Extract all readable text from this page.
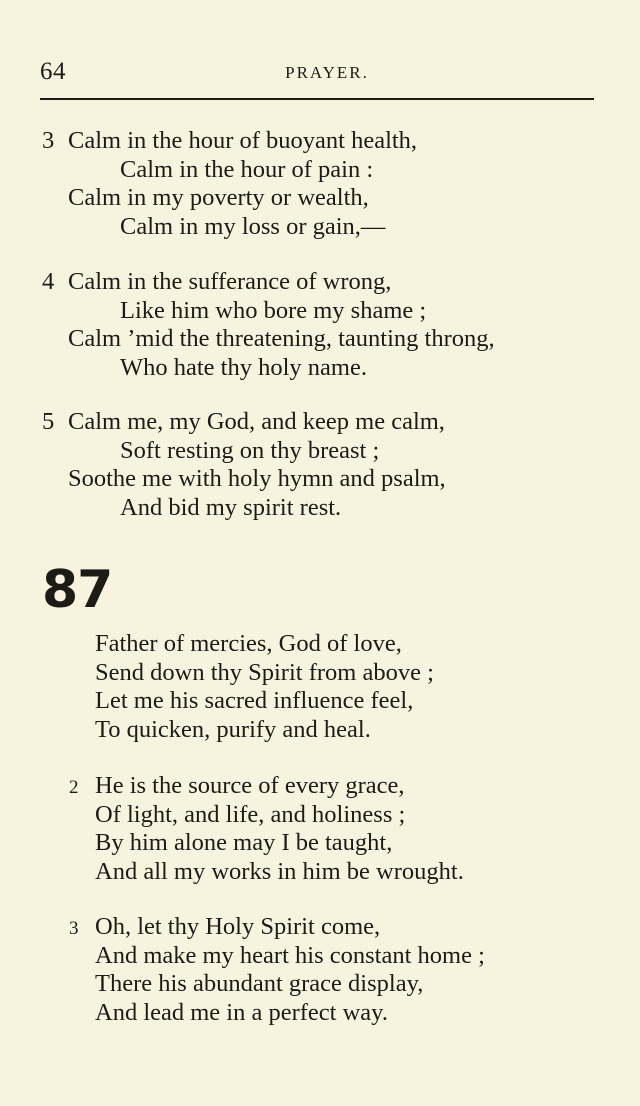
64	PRAYER.
3 Calm in the hour of buoyant health,
Calm in the hour of pain :
Calm in my poverty or wealth,
Calm in my loss or gain,—
4 Calm in the sufferance of wrong,
Like him who bore my shame ;
Calm ’mid the threatening, taunting throng,
Who hate thy holy name.
5 Calm me, my God, and keep me calm,
Soft resting on thy breast ;
Soothe me with holy hymn and psalm,
And bid my spirit rest.
87
Father of mercies, God of love,
Send down thy Spirit from above ;
Let me his sacred influence feel,
To quicken, purify and heal.
2 He is the source of every grace,
Of light, and life, and holiness ;
By him alone may I be taught,
And all my works in him be wrought.
3 Oh, let thy Holy Spirit come,
And make my heart his constant home ;
There his abundant grace display,
And lead me in a perfect way.
